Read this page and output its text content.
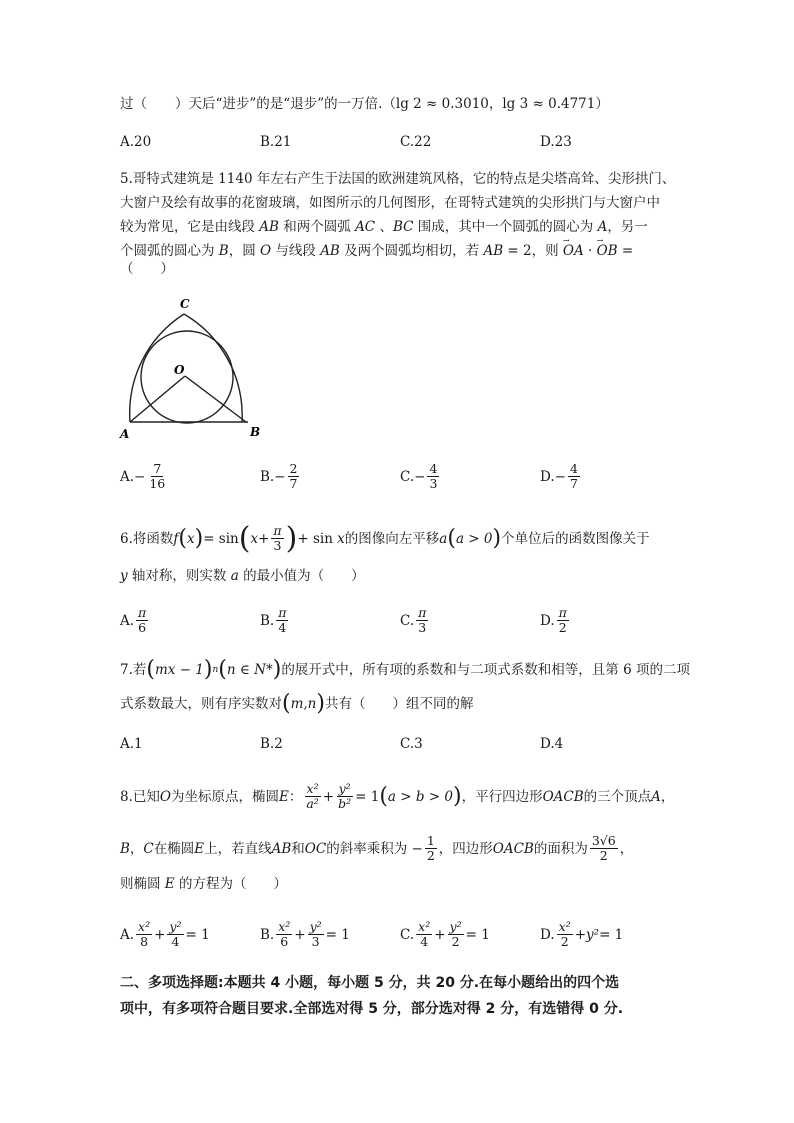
过（ ）天后“进步”的是“退步”的一万倍.（lg 2 ≈ 0.3010，lg 3 ≈ 0.4771）
A.20	B.21	C.22	D.23
5.哥特式建筑是 1140 年左右产生于法国的欧洲建筑风格，它的特点是尖塔高耸、尖形拱门、
大窗户及绘有故事的花窗玻璃，如图所示的几何图形，在哥特式建筑的尖形拱门与大窗户中
较为常见，它是由线段 AB 和两个圆弧 AC 、BC 围成，其中一个圆弧的圆心为 A，另一
个圆弧的圆心为 B，圆 O 与线段 AB 及两个圆弧均相切，若 AB = 2，则 → OA · → OB =
（　　）
C
O
A	B
A. − $\frac{7}{16}$	B. − $\frac{2}{7}$	C. − $\frac{4}{3}$	D. − $\frac{4}{7}$
6.将函数 f ( x ) = sin ( $x+ \frac{\pi}{3}$ ) + sin x 的图像向左平移 a ( a > 0 ) 个单位后的函数图像关于
y 轴对称，则实数 a 的最小值为（　　）
A. $\frac{\pi}{6}$	B. $\frac{\pi}{4}$	C. $\frac{\pi}{3}$	D. $\frac{\pi}{2}$
7.若 ( mx − 1 ) n ( n ∈ N* ) 的展开式中，所有项的系数和与二项式系数和相等，且第 6 项的二项
式系数最大，则有序实数对 ( m,n ) 共有（　　）组不同的解
A.1	B.2	C.3	D.4
8.已知 O 为坐标原点，椭圆 E ： $\frac{\text{x²}}{\text{a²}} + \frac{\text{y²}}{\text{b²}} = 1$ ( a > b > 0 ) ，平行四边形 OACB 的三个顶点 A ，
B ， C 在椭圆 E 上，若直线 AB 和 OC 的斜率乘积为 − $\frac{1}{2}$ ，四边形 OACB 的面积为 $\frac{3√6}{2}$ ，
则椭圆 E 的方程为（　　）
A. $\frac{\text{x²}}{8} + \frac{\text{y²}}{4} = 1$	B. $\frac{\text{x²}}{6} + \frac{\text{y²}}{3} = 1$	C. $\frac{\text{x²}}{4} + \frac{\text{y²}}{2} = 1$	D. $\frac{\text{x²}}{2} + y^2 = 1$
二、多项选择题:本题共 4 小题，每小题 5 分，共 20 分.在每小题给出的四个选
项中，有多项符合题目要求.全部选对得 5 分，部分选对得 2 分，有选错得 0 分.
